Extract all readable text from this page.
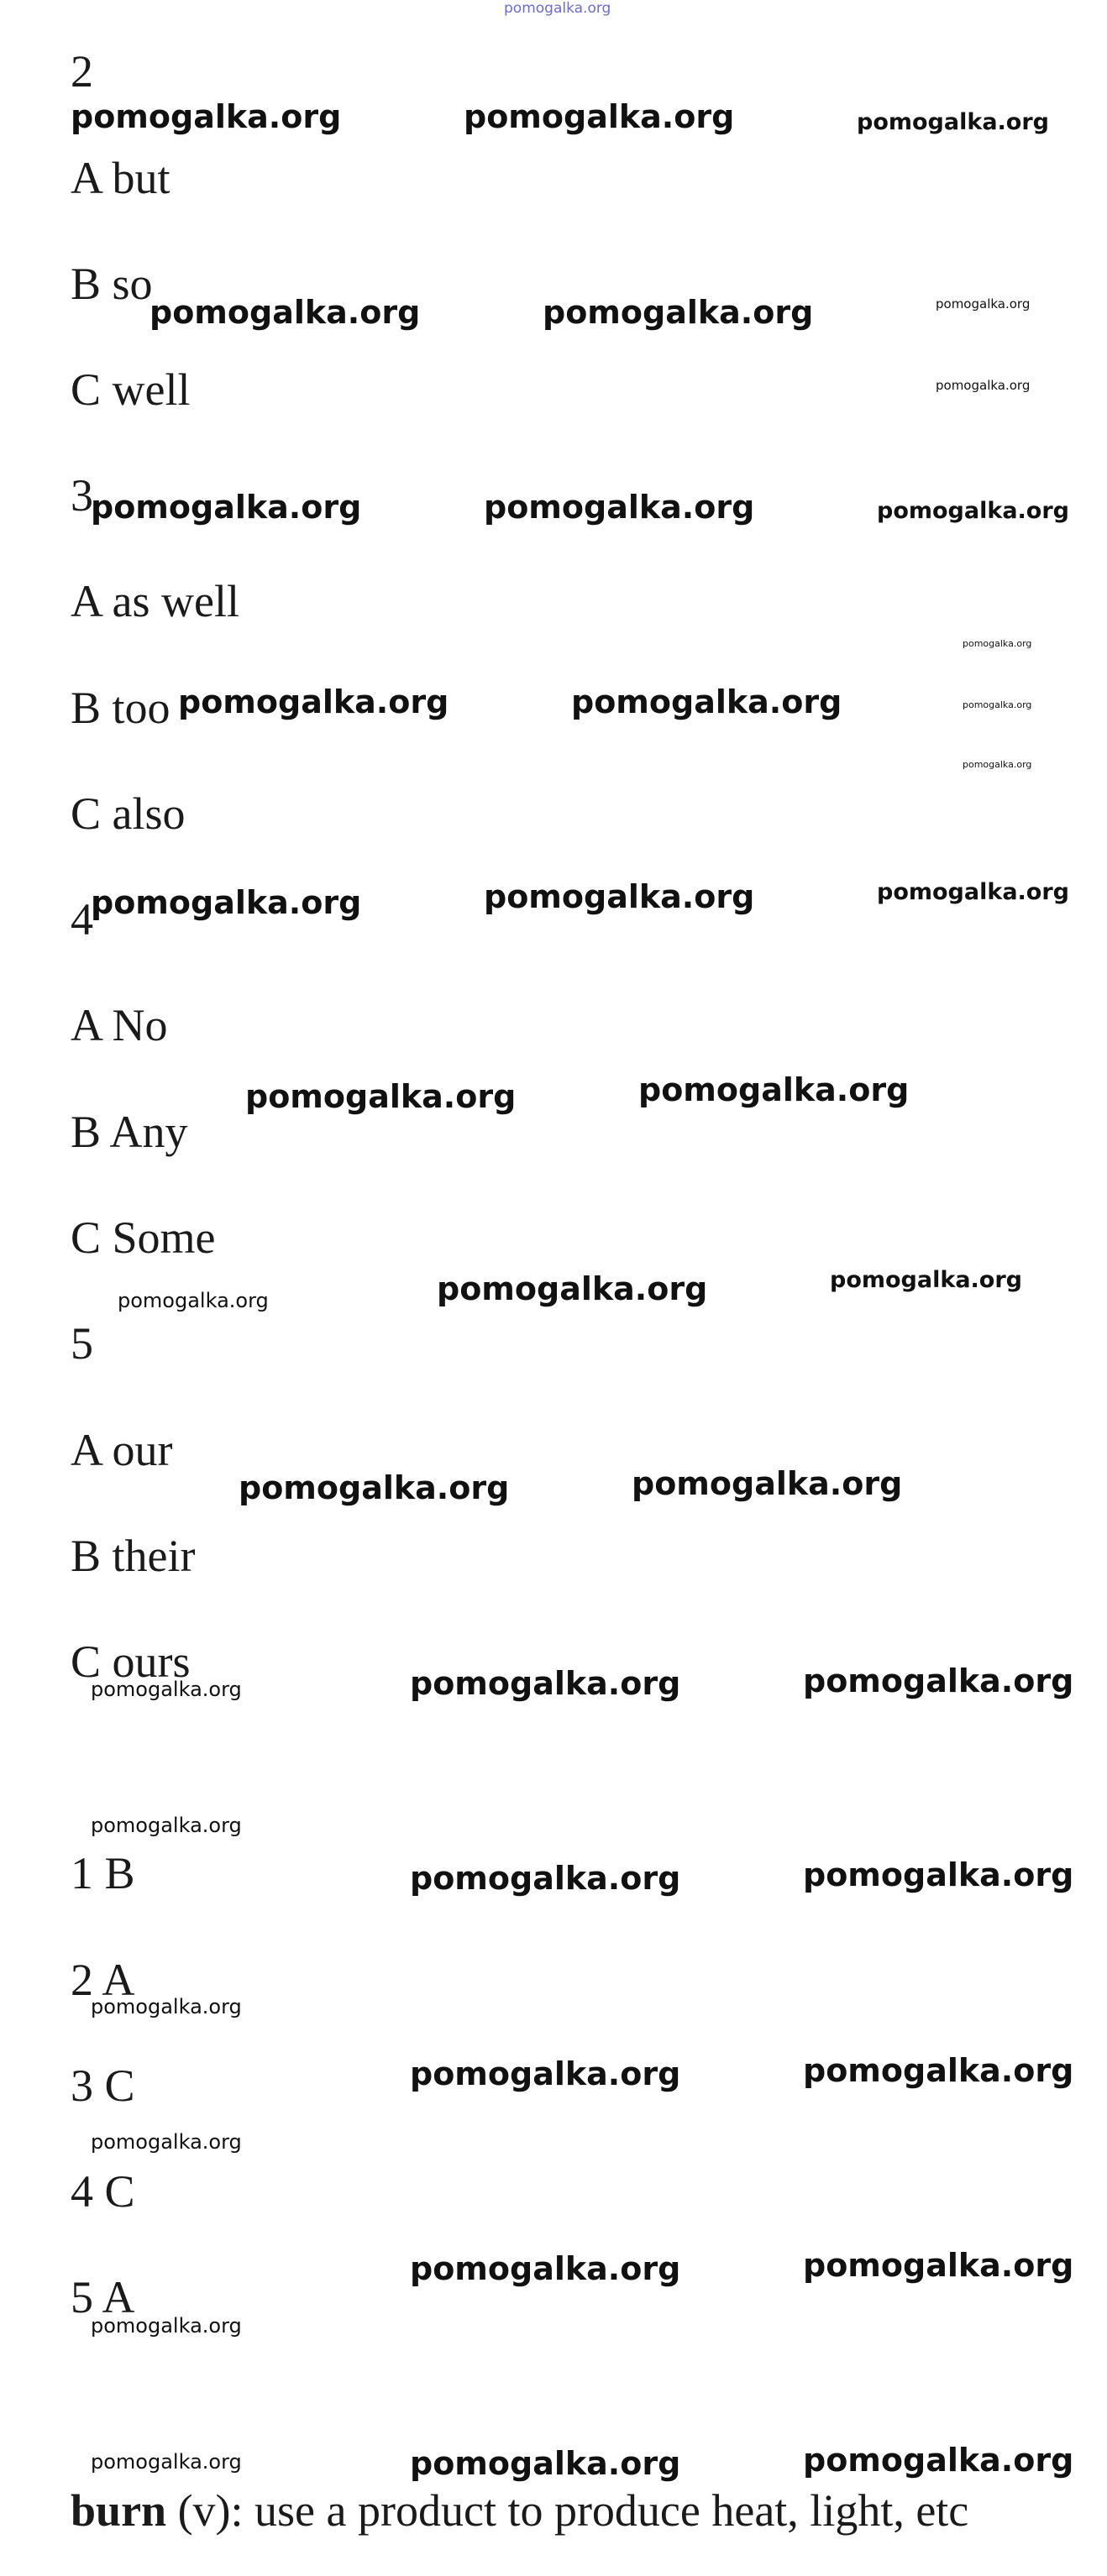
pomogalka.org
2
A but
B so
C well
3
A as well
B too
C also
4
A No
B Any
C Some
5
A our
B their
C ours
1 B
2 A
3 C
4 C
5 A
burn (v): use a product to produce heat, light, etc
pomogalka.org	pomogalka.org	pomogalka.org
pomogalka.org	pomogalka.org	pomogalka.org
pomogalka.org
pomogalka.org	pomogalka.org	pomogalka.org
pomogalka.org
pomogalka.org	pomogalka.org	pomogalka.org
pomogalka.org
pomogalka.org	pomogalka.org	pomogalka.org
pomogalka.org	pomogalka.org
pomogalka.org	pomogalka.org	pomogalka.org
pomogalka.org	pomogalka.org
pomogalka.org	pomogalka.org	pomogalka.org
pomogalka.org
pomogalka.org	pomogalka.org
pomogalka.org
pomogalka.org	pomogalka.org
pomogalka.org
pomogalka.org	pomogalka.org
pomogalka.org
pomogalka.org	pomogalka.org	pomogalka.org
